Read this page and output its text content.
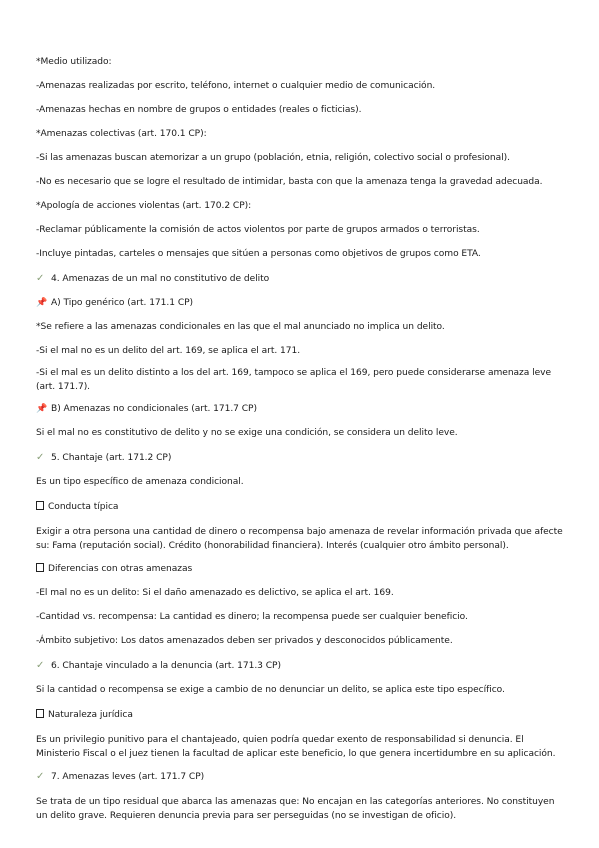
*Medio utilizado:

-Amenazas realizadas por escrito, teléfono, internet o cualquier medio de comunicación.

-Amenazas hechas en nombre de grupos o entidades (reales o ficticias).

*Amenazas colectivas (art. 170.1 CP):

-Si las amenazas buscan atemorizar a un grupo (población, etnia, religión, colectivo social o profesional).

-No es necesario que se logre el resultado de intimidar, basta con que la amenaza tenga la gravedad adecuada.

*Apología de acciones violentas (art. 170.2 CP):

-Reclamar públicamente la comisión de actos violentos por parte de grupos armados o terroristas.

-Incluye pintadas, carteles o mensajes que sitúen a personas como objetivos de grupos como ETA.

✓ 4. Amenazas de un mal no constitutivo de delito

📌 A) Tipo genérico (art. 171.1 CP)

*Se refiere a las amenazas condicionales en las que el mal anunciado no implica un delito.

-Si el mal no es un delito del art. 169, se aplica el art. 171.

-Si el mal es un delito distinto a los del art. 169, tampoco se aplica el 169, pero puede considerarse amenaza leve (art. 171.7).

📌 B) Amenazas no condicionales (art. 171.7 CP)

Si el mal no es constitutivo de delito y no se exige una condición, se considera un delito leve.

✓ 5. Chantaje (art. 171.2 CP)

Es un tipo específico de amenaza condicional.

Conducta típica

Exigir a otra persona una cantidad de dinero o recompensa bajo amenaza de revelar información privada que afecte su: Fama (reputación social). Crédito (honorabilidad financiera). Interés (cualquier otro ámbito personal).

Diferencias con otras amenazas

-El mal no es un delito: Si el daño amenazado es delictivo, se aplica el art. 169.

-Cantidad vs. recompensa: La cantidad es dinero; la recompensa puede ser cualquier beneficio.

-Ámbito subjetivo: Los datos amenazados deben ser privados y desconocidos públicamente.

✓ 6. Chantaje vinculado a la denuncia (art. 171.3 CP)

Si la cantidad o recompensa se exige a cambio de no denunciar un delito, se aplica este tipo específico.

Naturaleza jurídica

Es un privilegio punitivo para el chantajeado, quien podría quedar exento de responsabilidad si denuncia. El Ministerio Fiscal o el juez tienen la facultad de aplicar este beneficio, lo que genera incertidumbre en su aplicación.

✓ 7. Amenazas leves (art. 171.7 CP)

Se trata de un tipo residual que abarca las amenazas que: No encajan en las categorías anteriores. No constituyen un delito grave. Requieren denuncia previa para ser perseguidas (no se investigan de oficio).
